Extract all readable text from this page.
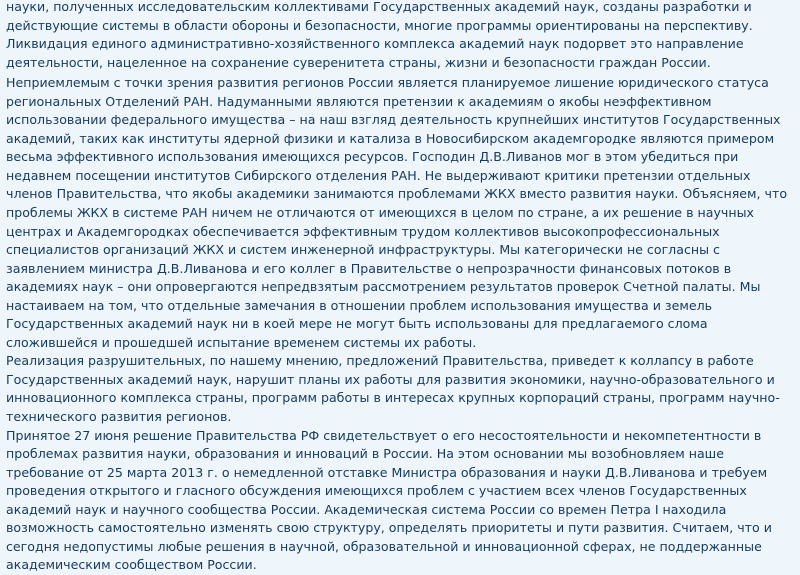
науки, полученных исследовательским коллективами Государственных академий наук, созданы разработки и действующие системы в области обороны и безопасности, многие программы ориентированы на перспективу. Ликвидация единого административно-хозяйственного комплекса академий наук подорвет это направление деятельности, нацеленное на сохранение суверенитета страны, жизни и безопасности граждан России.

Неприемлемым с точки зрения развития регионов России является планируемое лишение юридического статуса региональных Отделений РАН. Надуманными являются претензии к академиям о якобы неэффективном использовании федерального имущества – на наш взгляд деятельность крупнейших институтов Государственных академий, таких как институты ядерной физики и катализа в Новосибирском академгородке являются примером весьма эффективного использования имеющихся ресурсов. Господин Д.В.Ливанов мог в этом убедиться при недавнем посещении институтов Сибирского отделения РАН. Не выдерживают критики претензии отдельных членов Правительства, что якобы академики занимаются проблемами ЖКХ вместо развития науки. Объясняем, что проблемы ЖКХ в системе РАН ничем не отличаются от имеющихся в целом по стране, а их решение в научных центрах и Академгородках обеспечивается эффективным трудом коллективов высокопрофессиональных специалистов организаций ЖКХ и систем инженерной инфраструктуры. Мы категорически не согласны с заявлением министра Д.В.Ливанова и его коллег в Правительстве о непрозрачности финансовых потоков в академиях наук – они опровергаются непредвзятым рассмотрением результатов проверок Счетной палаты. Мы настаиваем на том, что отдельные замечания в отношении проблем использования имущества и земель Государственных академий наук ни в коей мере не могут быть использованы для предлагаемого слома сложившейся и прошедшей испытание временем системы их работы.

Реализация разрушительных, по нашему мнению, предложений Правительства, приведет к коллапсу в работе Государственных академий наук, нарушит планы их работы для развития экономики, научно-образовательного и инновационного комплекса страны, программ работы в интересах крупных корпораций страны, программ научно-технического развития регионов.

Принятое 27 июня решение Правительства РФ свидетельствует о его несостоятельности и некомпетентности в проблемах развития науки, образования и инноваций в России. На этом основании мы возобновляем наше требование от 25 марта 2013 г. о немедленной отставке Министра образования и науки Д.В.Ливанова и требуем проведения открытого и гласного обсуждения имеющихся проблем с участием всех членов Государственных академий наук и научного сообщества России. Академическая система России со времен Петра I находила возможность самостоятельно изменять свою структуру, определять приоритеты и пути развития. Считаем, что и сегодня недопустимы любые решения в научной, образовательной и инновационной сферах, не поддержанные академическим сообществом России.
